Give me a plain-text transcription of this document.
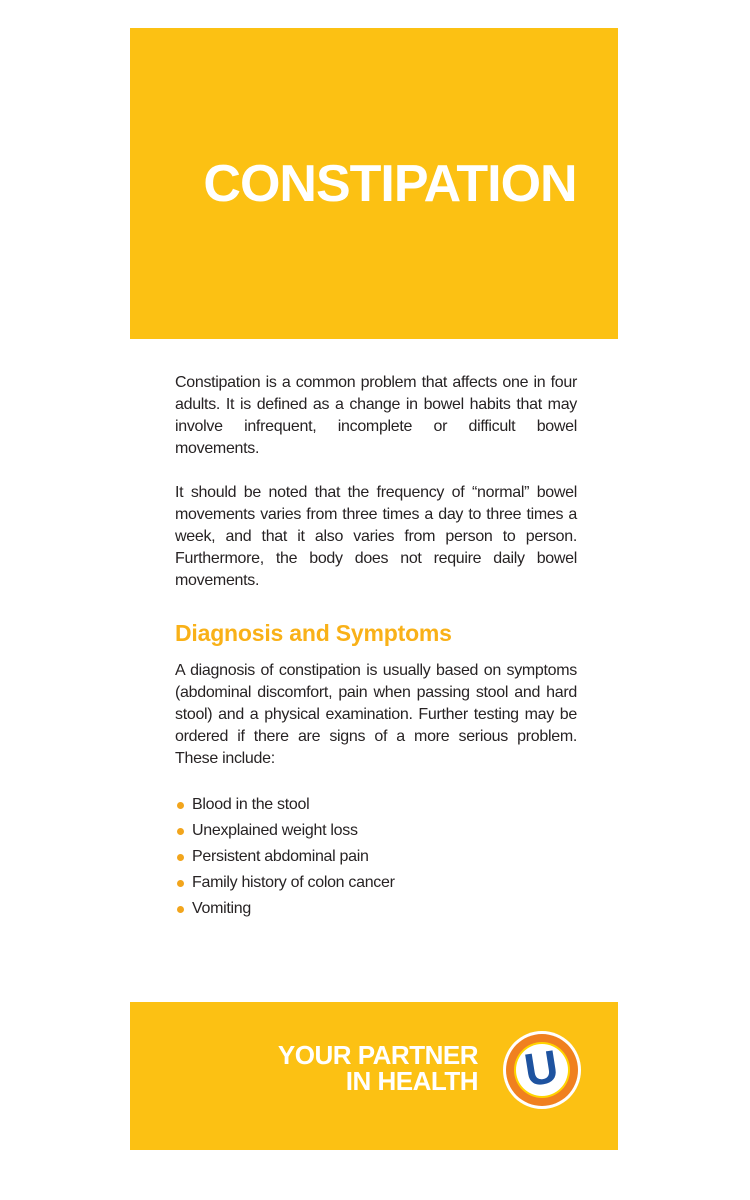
CONSTIPATION

Constipation is a common problem that affects one in four adults. It is defined as a change in bowel habits that may involve infrequent, incomplete or difficult bowel movements.

It should be noted that the frequency of “normal” bowel movements varies from three times a day to three times a week, and that it also varies from person to person. Furthermore, the body does not require daily bowel movements.

Diagnosis and Symptoms

A diagnosis of constipation is usually based on symptoms (abdominal discomfort, pain when passing stool and hard stool) and a physical examination. Further testing may be ordered if there are signs of a more serious problem. These include:

Blood in the stool
Unexplained weight loss
Persistent abdominal pain
Family history of colon cancer
Vomiting
YOUR PARTNER
IN HEALTH U
